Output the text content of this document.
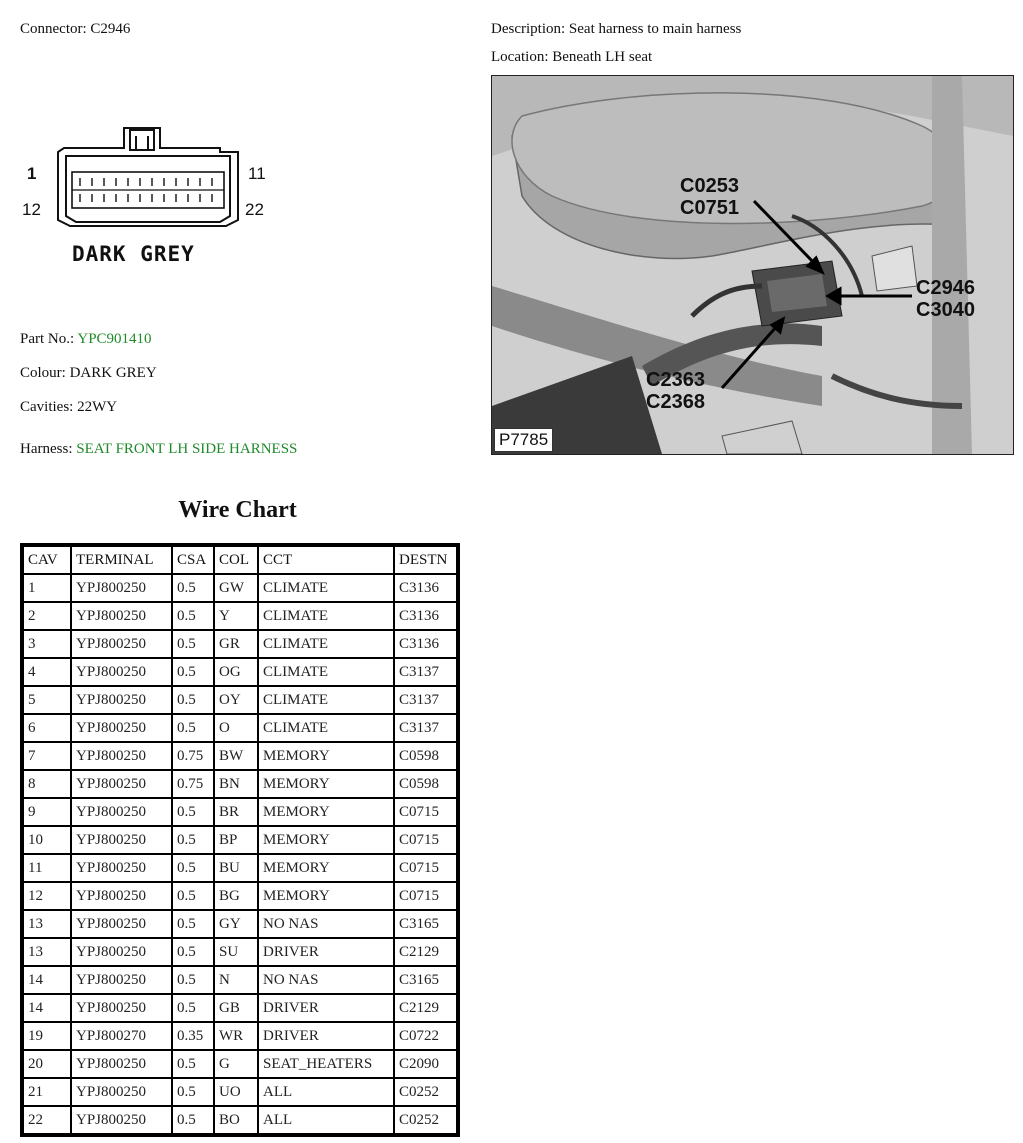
Connector: C2946	Description: Seat harness to main harness
Location: Beneath LH seat
1
12
11
22
DARK GREY
Part No.: YPC901410
Colour: DARK GREY
Cavities: 22WY
Harness: SEAT FRONT LH SIDE HARNESS
C0253
C0751
C2946
C3040
C2363
C2368
P7785
Wire Chart
CAV	TERMINAL	CSA	COL	CCT	DESTN
1	YPJ800250	0.5	GW	CLIMATE	C3136
2	YPJ800250	0.5	Y	CLIMATE	C3136
3	YPJ800250	0.5	GR	CLIMATE	C3136
4	YPJ800250	0.5	OG	CLIMATE	C3137
5	YPJ800250	0.5	OY	CLIMATE	C3137
6	YPJ800250	0.5	O	CLIMATE	C3137
7	YPJ800250	0.75	BW	MEMORY	C0598
8	YPJ800250	0.75	BN	MEMORY	C0598
9	YPJ800250	0.5	BR	MEMORY	C0715
10	YPJ800250	0.5	BP	MEMORY	C0715
11	YPJ800250	0.5	BU	MEMORY	C0715
12	YPJ800250	0.5	BG	MEMORY	C0715
13	YPJ800250	0.5	GY	NO NAS	C3165
13	YPJ800250	0.5	SU	DRIVER	C2129
14	YPJ800250	0.5	N	NO NAS	C3165
14	YPJ800250	0.5	GB	DRIVER	C2129
19	YPJ800270	0.35	WR	DRIVER	C0722
20	YPJ800250	0.5	G	SEAT_HEATERS	C2090
21	YPJ800250	0.5	UO	ALL	C0252
22	YPJ800250	0.5	BO	ALL	C0252
